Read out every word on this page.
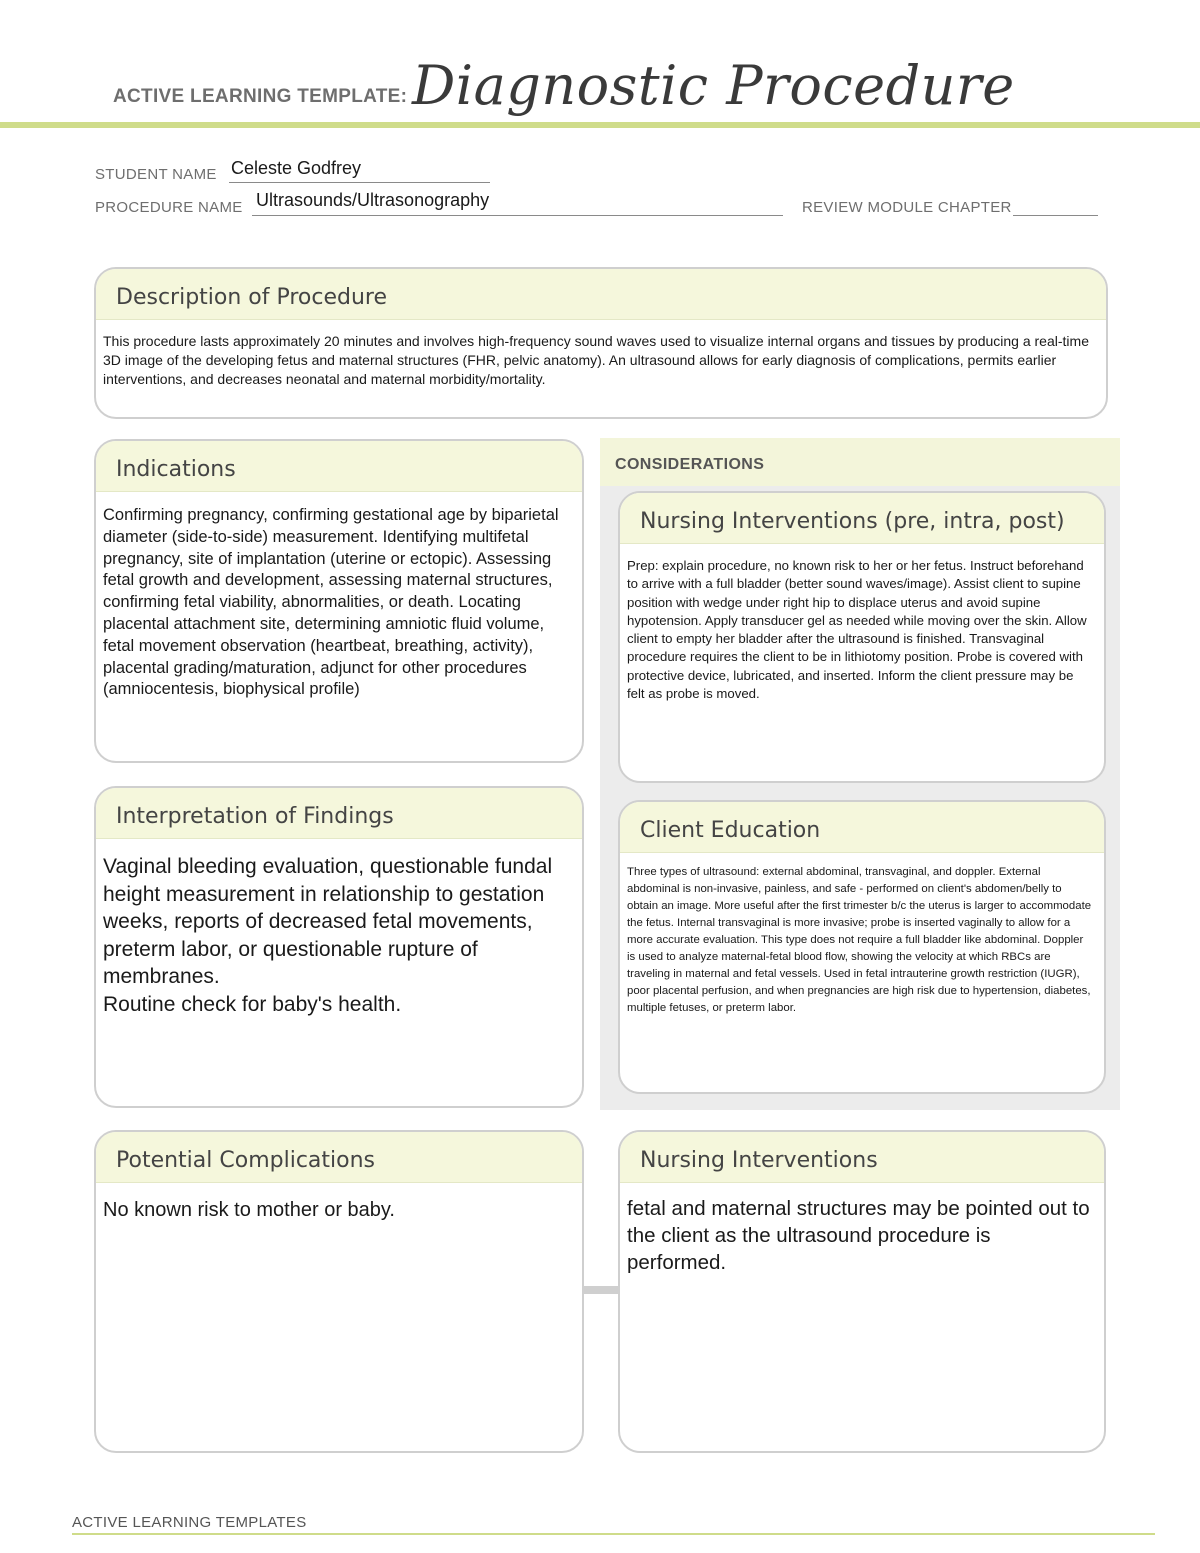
ACTIVE LEARNING TEMPLATE: Diagnostic Procedure
STUDENT NAME Celeste Godfrey
PROCEDURE NAME Ultrasounds/Ultrasonography	REVIEW MODULE CHAPTER
Description of Procedure
This procedure lasts approximately 20 minutes and involves high-frequency sound waves used to visualize internal organs and tissues by producing a real-time 3D image of the developing fetus and maternal structures (FHR, pelvic anatomy). An ultrasound allows for early diagnosis of complications, permits earlier interventions, and decreases neonatal and maternal morbidity/mortality.
CONSIDERATIONS
Indications
Confirming pregnancy, confirming gestational age by biparietal diameter (side-to-side) measurement. Identifying multifetal pregnancy, site of implantation (uterine or ectopic). Assessing fetal growth and development, assessing maternal structures, confirming fetal viability, abnormalities, or death. Locating placental attachment site, determining amniotic fluid volume, fetal movement observation (heartbeat, breathing, activity), placental grading/maturation, adjunct for other procedures (amniocentesis, biophysical profile)
Nursing Interventions (pre, intra, post)
Prep: explain procedure, no known risk to her or her fetus. Instruct beforehand to arrive with a full bladder (better sound waves/image). Assist client to supine position with wedge under right hip to displace uterus and avoid supine hypotension. Apply transducer gel as needed while moving over the skin. Allow client to empty her bladder after the ultrasound is finished. Transvaginal procedure requires the client to be in lithiotomy position. Probe is covered with protective device, lubricated, and inserted. Inform the client pressure may be felt as probe is moved.
Interpretation of Findings
Vaginal bleeding evaluation, questionable fundal height measurement in relationship to gestation weeks, reports of decreased fetal movements, preterm labor, or questionable rupture of membranes.
Routine check for baby's health.
Client Education
Three types of ultrasound: external abdominal, transvaginal, and doppler. External abdominal is non-invasive, painless, and safe - performed on client's abdomen/belly to obtain an image. More useful after the first trimester b/c the uterus is larger to accommodate the fetus. Internal transvaginal is more invasive; probe is inserted vaginally to allow for a more accurate evaluation. This type does not require a full bladder like abdominal. Doppler is used to analyze maternal-fetal blood flow, showing the velocity at which RBCs are traveling in maternal and fetal vessels. Used in fetal intrauterine growth restriction (IUGR), poor placental perfusion, and when pregnancies are high risk due to hypertension, diabetes, multiple fetuses, or preterm labor.
Potential Complications
No known risk to mother or baby.
Nursing Interventions
fetal and maternal structures may be pointed out to the client as the ultrasound procedure is performed.
ACTIVE LEARNING TEMPLATES
